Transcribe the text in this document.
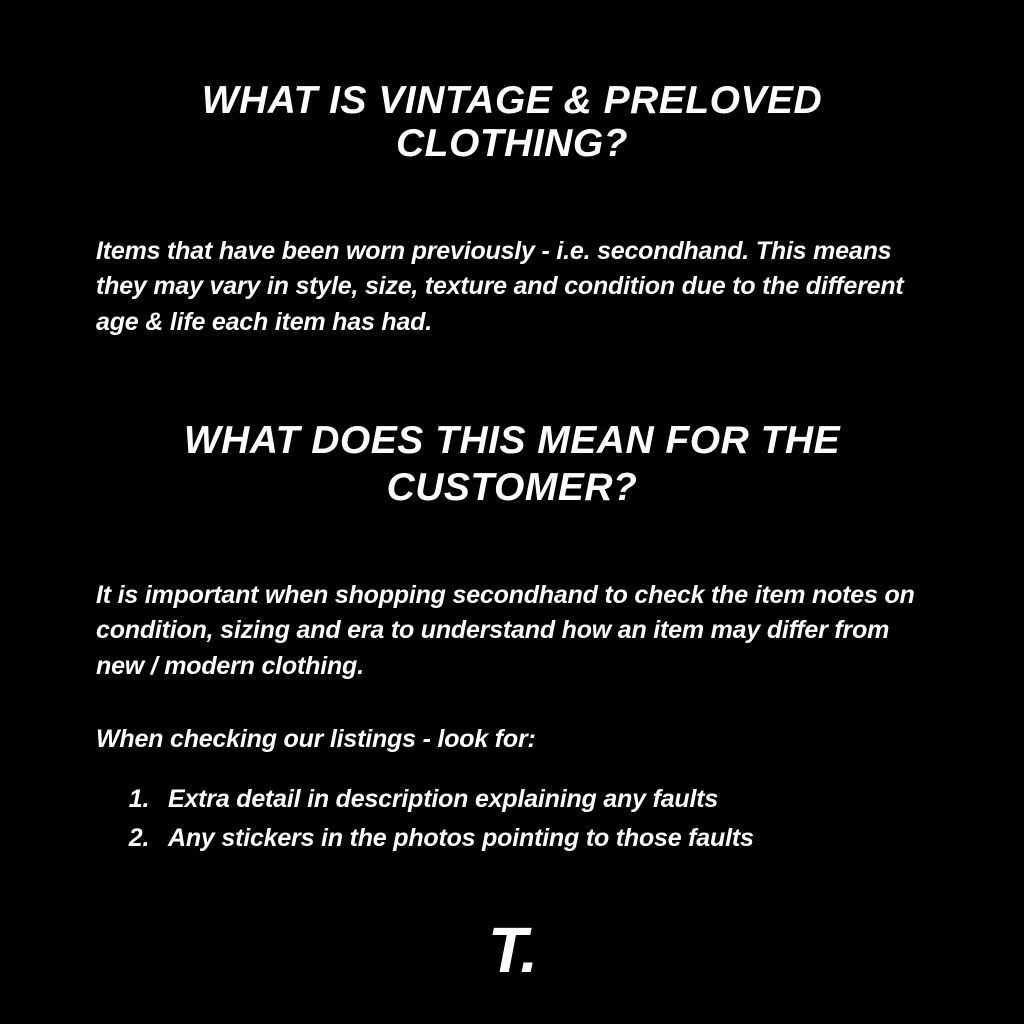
WHAT IS VINTAGE & PRELOVED CLOTHING?

Items that have been worn previously - i.e. secondhand. This means they may vary in style, size, texture and condition due to the different age & life each item has had.

WHAT DOES THIS MEAN FOR THE CUSTOMER?

It is important when shopping secondhand to check the item notes on condition, sizing and era to understand how an item may differ from new / modern clothing.

When checking our listings - look for:

1. Extra detail in description explaining any faults
2. Any stickers in the photos pointing to those faults
T.
